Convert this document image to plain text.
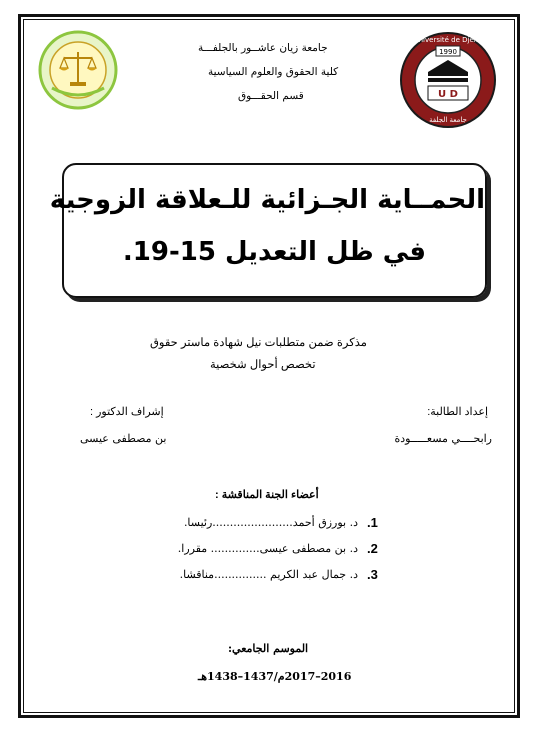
1990
U D
Université de Djelfa
جامعة الجلفة
جامعة زيان عاشــور بالجلفـــة
كلية الحقوق والعلوم السياسية
قسم الحقـــوق
الحمــاية الجـزائية للـعلاقة الزوجية
في ظل التعديل 15-19.
مذكرة ضمن متطلبات نيل شهادة ماستر حقوق
تخصص أحوال شخصية
إعداد الطالبة:
رابحــــي مسعـــــودة
إشراف الدكتور :
بن مصطفى عيسى
أعضاء الجنة المناقشة :
1.
د. بورزق أحمد.......................رئيسا.
2.
د. بن مصطفى عيسى.............. مقررا.
3.
د. جمال عبد الكريم ...............مناقشا.
الموسم الجامعي:
2016–2017م/1437–1438هـ
